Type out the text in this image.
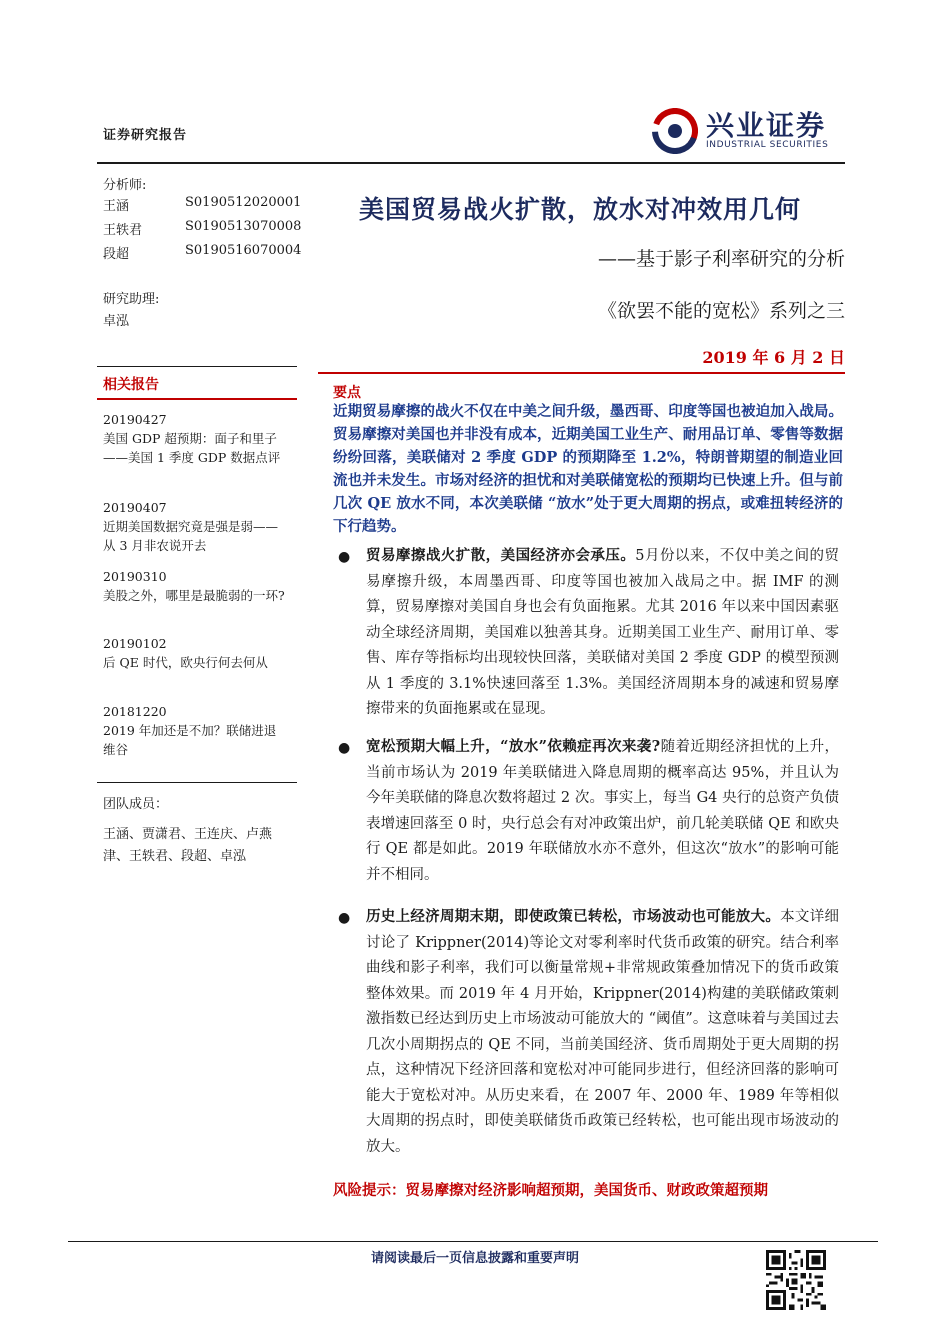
证券研究报告	兴业证券
INDUSTRIAL SECURITIES
分析师:
王涵	S0190512020001
王轶君	S0190513070008
段超	S0190516070004
研究助理:
卓泓
相关报告
20190427
美国 GDP 超预期：面子和里子——美国 1 季度 GDP 数据点评
20190407
近期美国数据究竟是强是弱——从 3 月非农说开去
20190310
美股之外，哪里是最脆弱的一环?
20190102
后 QE 时代，欧央行何去何从
20181220
2019 年加还是不加？联储进退维谷
团队成员：
王涵、贾潇君、王连庆、卢燕津、王轶君、段超、卓泓
美国贸易战火扩散，放水对冲效用几何
——基于影子利率研究的分析
《欲罢不能的宽松》系列之三
2019 年 6 月 2 日
要点
近期贸易摩擦的战火不仅在中美之间升级，墨西哥、印度等国也被迫加入战局。贸易摩擦对美国也并非没有成本，近期美国工业生产、耐用品订单、零售等数据纷纷回落，美联储对 2 季度 GDP 的预期降至 1.2%，特朗普期望的制造业回流也并未发生。市场对经济的担忧和对美联储宽松的预期均已快速上升。但与前几次 QE 放水不同，本次美联储 “放水”处于更大周期的拐点，或难扭转经济的下行趋势。
● 贸易摩擦战火扩散，美国经济亦会承压。5月份以来，不仅中美之间的贸易摩擦升级，本周墨西哥、印度等国也被加入战局之中。据 IMF 的测算，贸易摩擦对美国自身也会有负面拖累。尤其 2016 年以来中国因素驱动全球经济周期，美国难以独善其身。近期美国工业生产、耐用订单、零售、库存等指标均出现较快回落，美联储对美国 2 季度 GDP 的模型预测从 1 季度的 3.1%快速回落至 1.3%。美国经济周期本身的减速和贸易摩擦带来的负面拖累或在显现。
● 宽松预期大幅上升，“放水”依赖症再次来袭?随着近期经济担忧的上升，当前市场认为 2019 年美联储进入降息周期的概率高达 95%，并且认为今年美联储的降息次数将超过 2 次。事实上，每当 G4 央行的总资产负债表增速回落至 0 时，央行总会有对冲政策出炉，前几轮美联储 QE 和欧央行 QE 都是如此。2019 年联储放水亦不意外，但这次“放水”的影响可能并不相同。
● 历史上经济周期末期，即使政策已转松，市场波动也可能放大。本文详细讨论了 Krippner(2014)等论文对零利率时代货币政策的研究。结合利率曲线和影子利率，我们可以衡量常规+非常规政策叠加情况下的货币政策整体效果。而 2019 年 4 月开始，Krippner(2014)构建的美联储政策刺激指数已经达到历史上市场波动可能放大的 “阈值”。这意味着与美国过去几次小周期拐点的 QE 不同，当前美国经济、货币周期处于更大周期的拐点，这种情况下经济回落和宽松对冲可能同步进行，但经济回落的影响可能大于宽松对冲。从历史来看，在 2007 年、2000 年、1989 年等相似大周期的拐点时，即使美联储货币政策已经转松，也可能出现市场波动的放大。
风险提示：贸易摩擦对经济影响超预期，美国货币、财政政策超预期
请阅读最后一页信息披露和重要声明
